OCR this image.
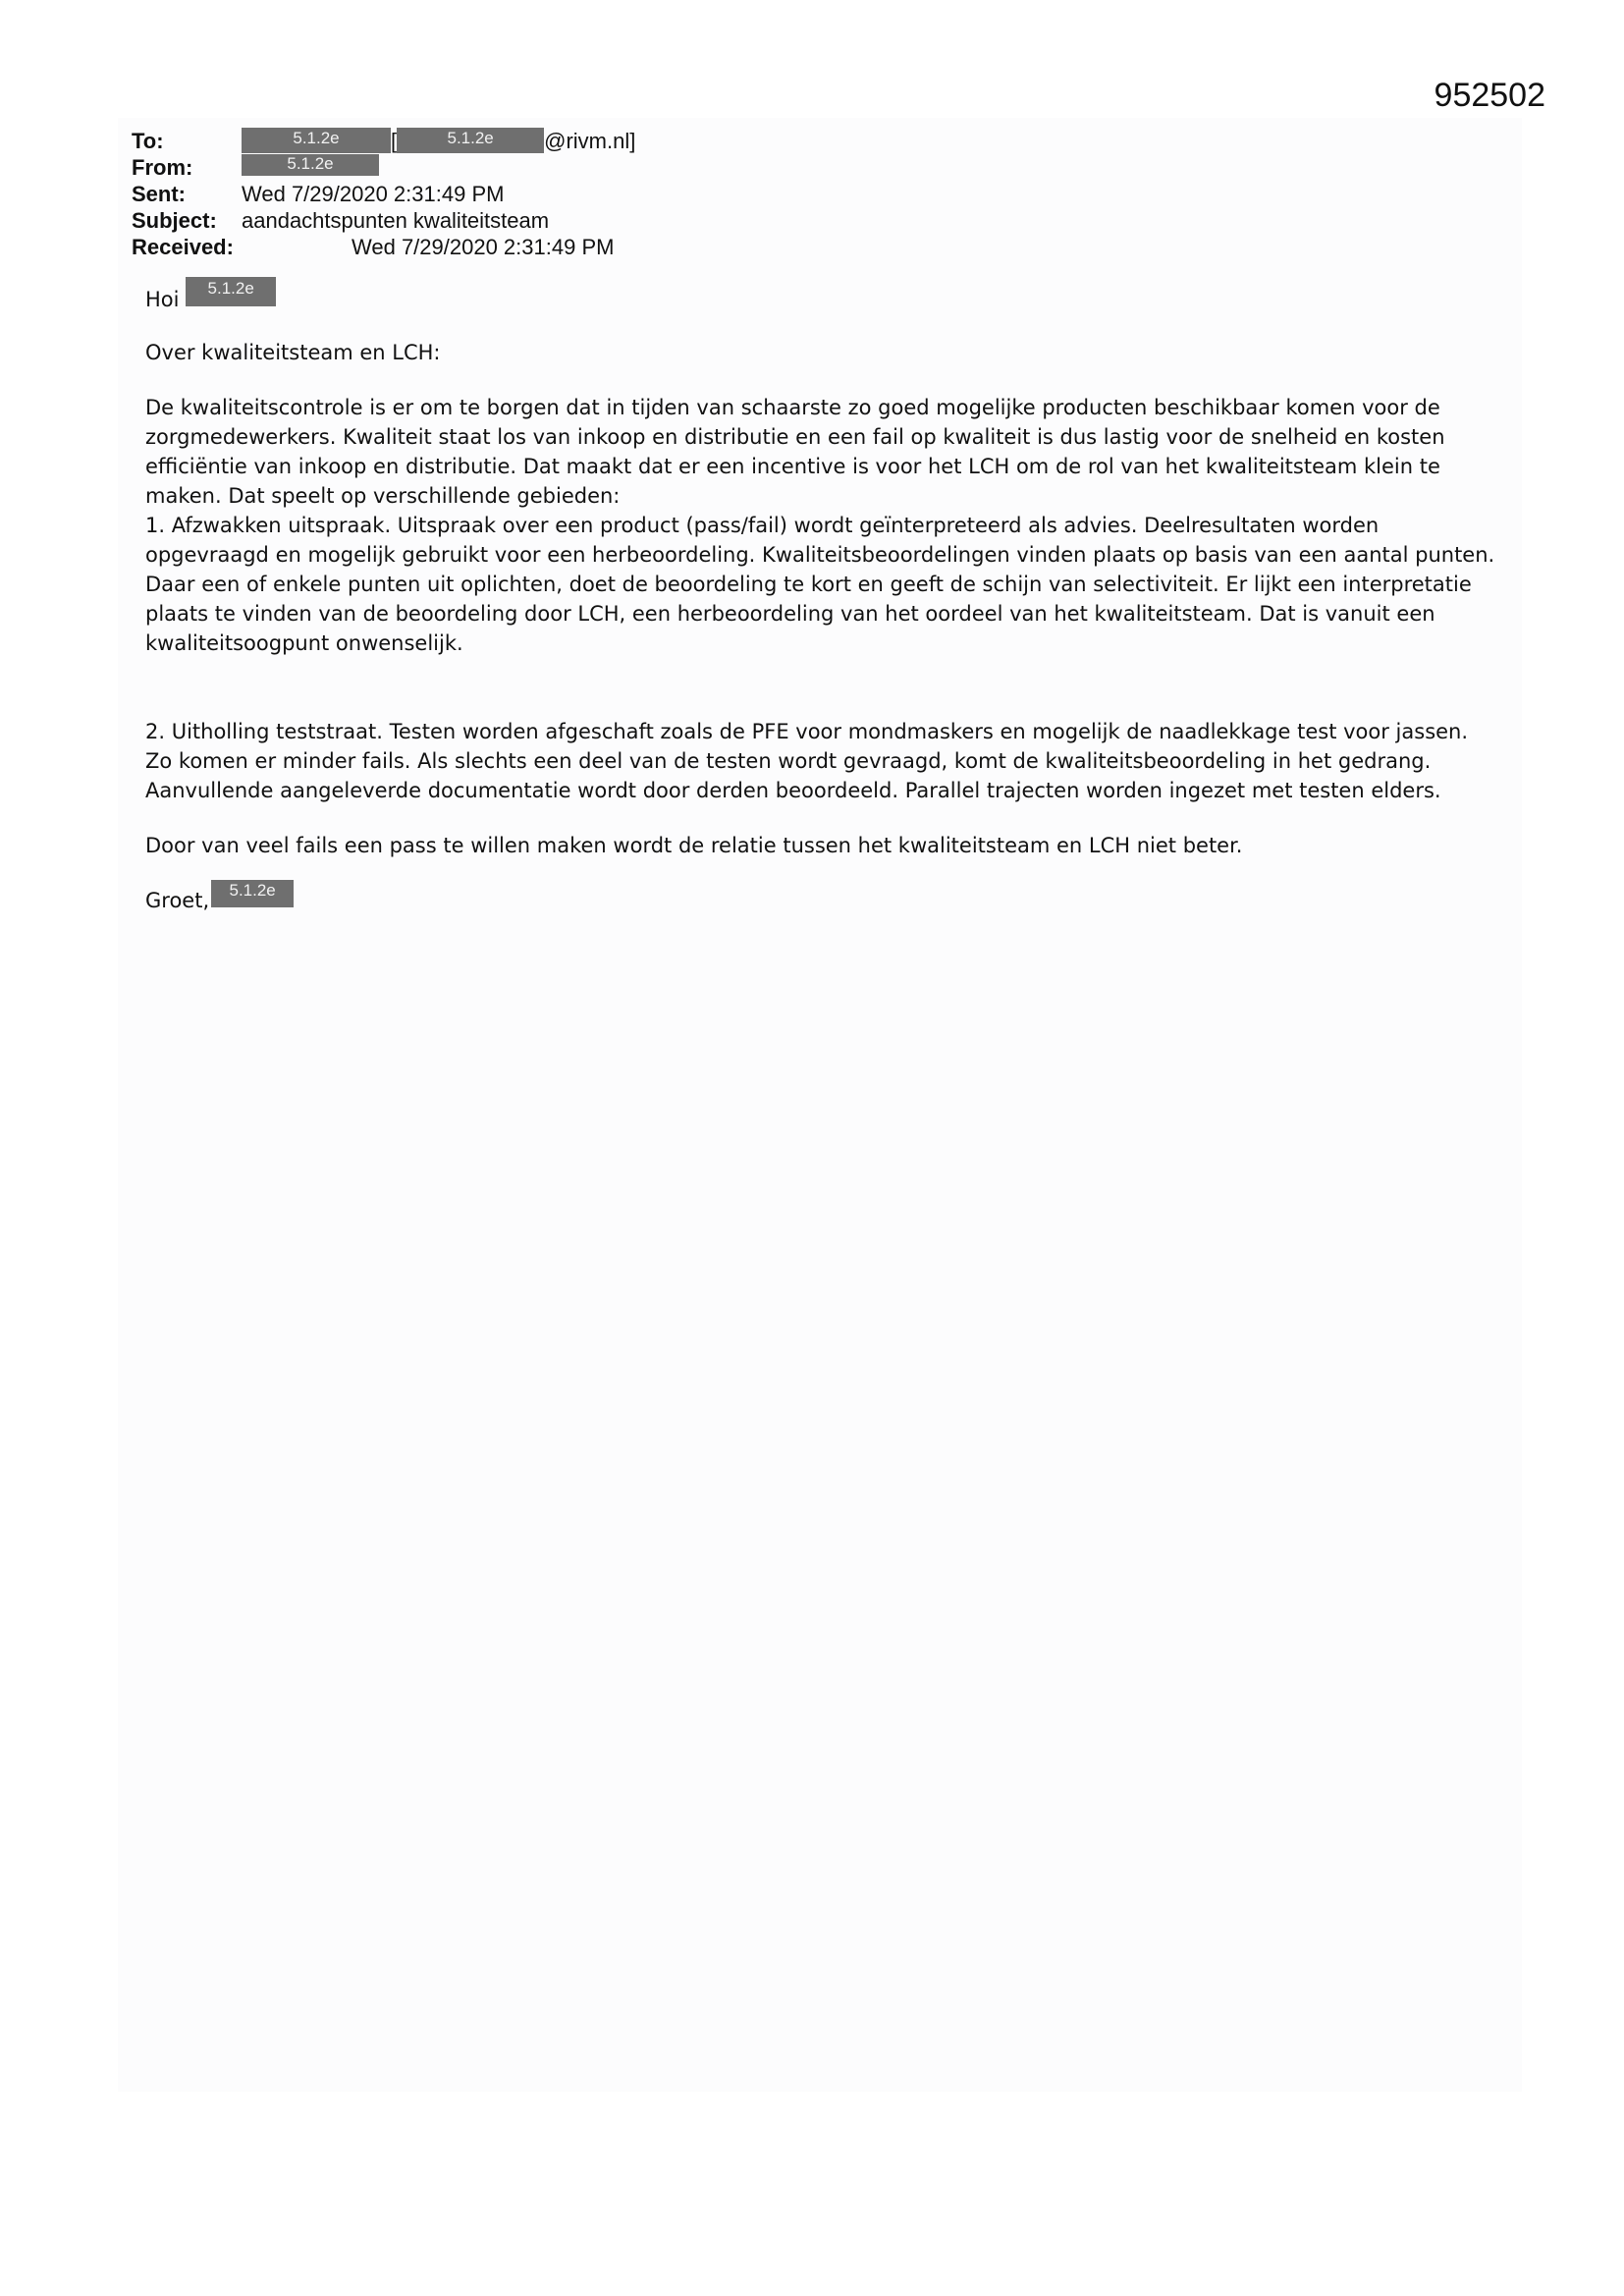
952502
To:	5.1.2e [	5.1.2e @rivm.nl]
From:	5.1.2e
Sent:	Wed 7/29/2020 2:31:49 PM
Subject: aandachtspunten kwaliteitsteam
Received:	Wed 7/29/2020 2:31:49 PM
Hoi 5.1.2e

Over kwaliteitsteam en LCH:

De kwaliteitscontrole is er om te borgen dat in tijden van schaarste zo goed mogelijke producten beschikbaar komen voor de zorgmedewerkers. Kwaliteit staat los van inkoop en distributie en een fail op kwaliteit is dus lastig voor de snelheid en kosten efficiëntie van inkoop en distributie. Dat maakt dat er een incentive is voor het LCH om de rol van het kwaliteitsteam klein te maken. Dat speelt op verschillende gebieden:

1. Afzwakken uitspraak. Uitspraak over een product (pass/fail) wordt geïnterpreteerd als advies. Deelresultaten worden opgevraagd en mogelijk gebruikt voor een herbeoordeling. Kwaliteitsbeoordelingen vinden plaats op basis van een aantal punten. Daar een of enkele punten uit oplichten, doet de beoordeling te kort en geeft de schijn van selectiviteit. Er lijkt een interpretatie plaats te vinden van de beoordeling door LCH, een herbeoordeling van het oordeel van het kwaliteitsteam. Dat is vanuit een kwaliteitsoogpunt onwenselijk.

2. Uitholling teststraat. Testen worden afgeschaft zoals de PFE voor mondmaskers en mogelijk de naadlekkage test voor jassen. Zo komen er minder fails. Als slechts een deel van de testen wordt gevraagd, komt de kwaliteitsbeoordeling in het gedrang. Aanvullende aangeleverde documentatie wordt door derden beoordeeld. Parallel trajecten worden ingezet met testen elders.

Door van veel fails een pass te willen maken wordt de relatie tussen het kwaliteitsteam en LCH niet beter.

Groet, 5.1.2e
